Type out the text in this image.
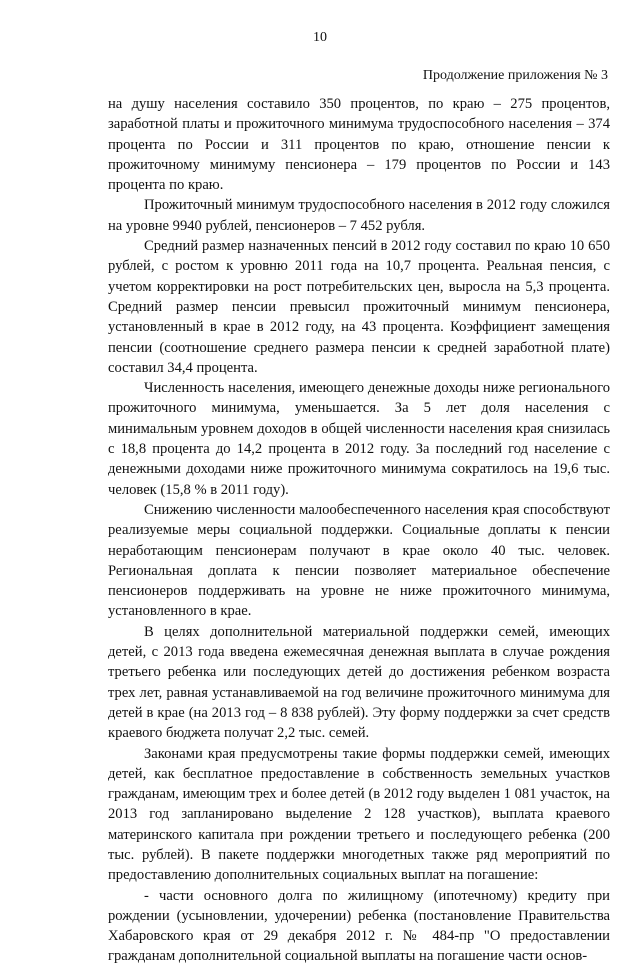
10
Продолжение приложения № 3

на душу населения составило 350 процентов, по краю – 275 процентов, заработной платы и прожиточного минимума трудоспособного населения – 374 процента по России и 311 процентов по краю, отношение пенсии к прожиточному минимуму пенсионера – 179 процентов по России и 143 процента по краю.

Прожиточный минимум трудоспособного населения в 2012 году сложился на уровне 9940 рублей, пенсионеров – 7 452 рубля.

Средний размер назначенных пенсий в 2012 году составил по краю 10 650 рублей, с ростом к уровню 2011 года на 10,7 процента. Реальная пенсия, с учетом корректировки на рост потребительских цен, выросла на 5,3 процента. Средний размер пенсии превысил прожиточный минимум пенсионера, установленный в крае в 2012 году, на 43 процента. Коэффициент замещения пенсии (соотношение среднего размера пенсии к средней заработной плате) составил 34,4 процента.

Численность населения, имеющего денежные доходы ниже регионального прожиточного минимума, уменьшается. За 5 лет доля населения с минимальным уровнем доходов в общей численности населения края снизилась с 18,8 процента до 14,2 процента в 2012 году. За последний год население с денежными доходами ниже прожиточного минимума сократилось на 19,6 тыс. человек (15,8 % в 2011 году).

Снижению численности малообеспеченного населения края способствуют реализуемые меры социальной поддержки. Социальные доплаты к пенсии неработающим пенсионерам получают в крае около 40 тыс. человек. Региональная доплата к пенсии позволяет материальное обеспечение пенсионеров поддерживать на уровне не ниже прожиточного минимума, установленного в крае.

В целях дополнительной материальной поддержки семей, имеющих детей, с 2013 года введена ежемесячная денежная выплата в случае рождения третьего ребенка или последующих детей до достижения ребенком возраста трех лет, равная устанавливаемой на год величине прожиточного минимума для детей в крае (на 2013 год – 8 838 рублей). Эту форму поддержки за счет средств краевого бюджета получат 2,2 тыс. семей.

Законами края предусмотрены такие формы поддержки семей, имеющих детей, как бесплатное предоставление в собственность земельных участков гражданам, имеющим трех и более детей (в 2012 году выделен 1 081 участок, на 2013 год запланировано выделение 2 128 участков), выплата краевого материнского капитала при рождении третьего и последующего ребенка (200 тыс. рублей). В пакете поддержки многодетных также ряд мероприятий по предоставлению дополнительных социальных выплат на погашение:

- части основного долга по жилищному (ипотечному) кредиту при рождении (усыновлении, удочерении) ребенка (постановление Правительства Хабаровского края от 29 декабря 2012 г. № 484-пр "О предоставлении гражданам дополнительной социальной выплаты на погашение части основ-
